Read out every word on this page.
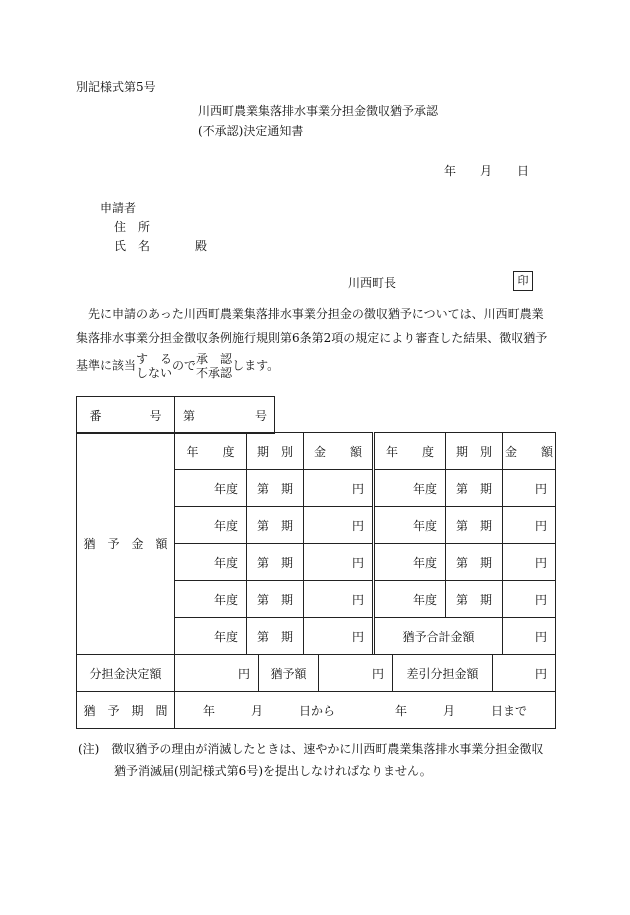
別記様式第5号
川西町農業集落排水事業分担金徴収猶予承認
(不承認)決定通知書
年 月 日
申請者
住　所
氏　名	殿
川西町長	印
先に申請のあった川西町農業集落排水事業分担金の徴収猶予については、川西町農業
集落排水事業分担金徴収条例施行規則第6条第2項の規定により審査した結果、徴収猶予
基準に該当 す　る
しない
ので 承　認
不承認
します。
番　　　　号	第　　　　　号
猶　予　金　額	年　　度	期　別	金　　額	年　　度	期　別	金　　額
	年度	第　期	円	年度	第　期	円
	年度	第　期	円	年度	第　期	円
	年度	第　期	円	年度	第　期	円
	年度	第　期	円	年度	第　期	円
	年度	第　期	円	猶予合計金額		円
分担金決定額	円	猶予額	円	差引分担金額	円
猶　予　期　間	年　　　月　　　日から　　　　　年　　　月　　　日まで				
(注)　 徴収猶予の理由が消滅したときは、速やかに川西町農業集落排水事業分担金徴収
猶予消滅届(別記様式第6号)を提出しなければなりません。
